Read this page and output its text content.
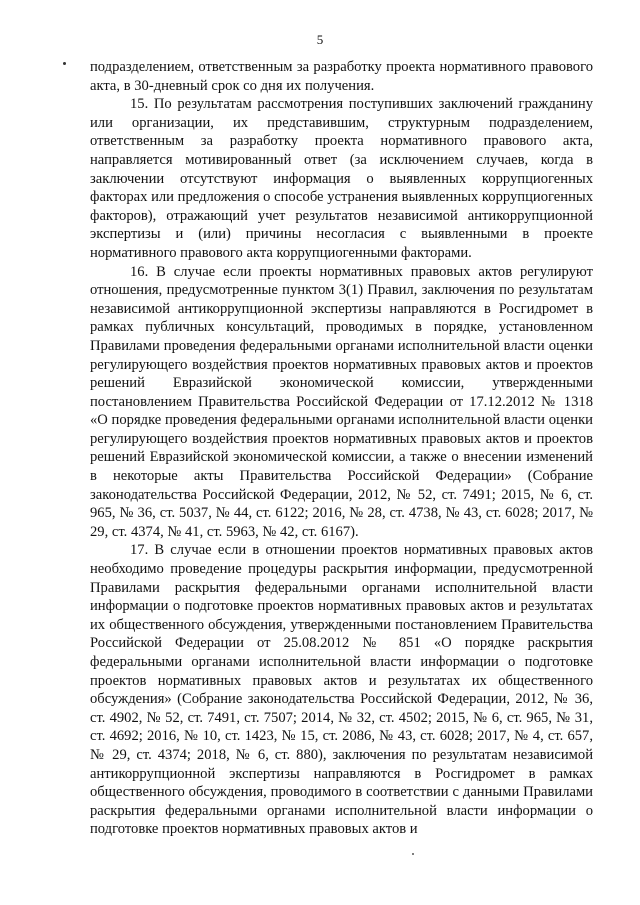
5

подразделением, ответственным за разработку проекта нормативного правового акта, в 30-дневный срок со дня их получения.

15. По результатам рассмотрения поступивших заключений гражданину или организации, их представившим, структурным подразделением, ответственным за разработку проекта нормативного правового акта, направляется мотивированный ответ (за исключением случаев, когда в заключении отсутствуют информация о выявленных коррупциогенных факторах или предложения о способе устранения выявленных коррупциогенных факторов), отражающий учет результатов независимой антикоррупционной экспертизы и (или) причины несогласия с выявленными в проекте нормативного правового акта коррупциогенными факторами.

16. В случае если проекты нормативных правовых актов регулируют отношения, предусмотренные пунктом 3(1) Правил, заключения по результатам независимой антикоррупционной экспертизы направляются в Росгидромет в рамках публичных консультаций, проводимых в порядке, установленном Правилами проведения федеральными органами исполнительной власти оценки регулирующего воздействия проектов нормативных правовых актов и проектов решений Евразийской экономической комиссии, утвержденными постановлением Правительства Российской Федерации от 17.12.2012 № 1318 «О порядке проведения федеральными органами исполнительной власти оценки регулирующего воздействия проектов нормативных правовых актов и проектов решений Евразийской экономической комиссии, а также о внесении изменений в некоторые акты Правительства Российской Федерации» (Собрание законодательства Российской Федерации, 2012, № 52, ст. 7491; 2015, № 6, ст. 965, № 36, ст. 5037, № 44, ст. 6122; 2016, № 28, ст. 4738, № 43, ст. 6028; 2017, № 29, ст. 4374, № 41, ст. 5963, № 42, ст. 6167).

17. В случае если в отношении проектов нормативных правовых актов необходимо проведение процедуры раскрытия информации, предусмотренной Правилами раскрытия федеральными органами исполнительной власти информации о подготовке проектов нормативных правовых актов и результатах их общественного обсуждения, утвержденными постановлением Правительства Российской Федерации от 25.08.2012 № 851 «О порядке раскрытия федеральными органами исполнительной власти информации о подготовке проектов нормативных правовых актов и результатах их общественного обсуждения» (Собрание законодательства Российской Федерации, 2012, № 36, ст. 4902, № 52, ст. 7491, ст. 7507; 2014, № 32, ст. 4502; 2015, № 6, ст. 965, № 31, ст. 4692; 2016, № 10, ст. 1423, № 15, ст. 2086, № 43, ст. 6028; 2017, № 4, ст. 657, № 29, ст. 4374; 2018, № 6, ст. 880), заключения по результатам независимой антикоррупционной экспертизы направляются в Росгидромет в рамках общественного обсуждения, проводимого в соответствии с данными Правилами раскрытия федеральными органами исполнительной власти информации о подготовке проектов нормативных правовых актов и
